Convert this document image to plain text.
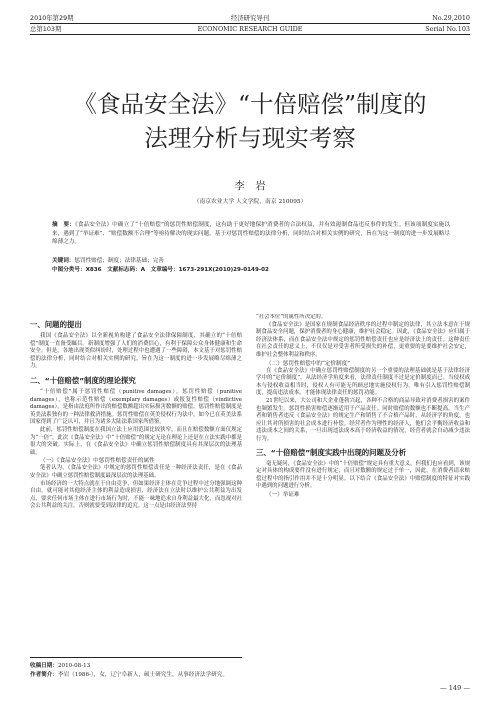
2010年第29期
总第103期
经济研究导刊
ECONOMIC RESEARCH GUIDE
No.29,2010
Serial No.103
《食品安全法》“十倍赔偿”制度的
法理分析与现实考察
李　岩
（南京农业大学 人文学院，南京 210095）
摘　要：《食品安全法》中确立了“十倍赔偿”的惩罚性赔偿制度，这有助于更好地保护消费者的合法权益，并有效遏制食品违反事件的发生。但该项制度实施以来，遇到了“举证难”、“赔偿数额不合理”等亟待解决的现实问题。基于对惩罚性赔偿的法律分析，同时结合对相关实例的研究，旨在为这一制度的进一步发展略尽绵薄之力。
关键词：惩罚性赔偿；制度；法律基础；完善
中图分类号：X836　文献标志码：A　文章编号：1673-291X(2010)29-0149-02
一、问题的提出

我国《食品安全法》以全新视角构建了食品安全法律保障制度，其确立的“十倍赔偿”制度一直备受瞩目。新制度增强了人们的消费信心，有利于保障公众身体健康和生命安全。但是，各地出现类似纠纷时，处理过程中也遭遇了一些障碍，本文基于对惩罚性赔偿的法律分析，同时结合对相关实例的研究，旨在为这一制度的进一步发展略尽绵薄之力。

二、“十倍赔偿”制度的理论探究

“十倍赔偿”属于惩罚性赔偿（punitive damages）。惩罚性赔偿（punitive damages），也称示范性赔偿（exemplary damages）或报复性赔偿（vindictive damages），是指由法庭所作出的赔偿数额超出实际损害数额的赔偿。惩罚性赔偿制度是英美法系独有的一种法律救济措施。惩罚性赔偿在英美侵权行为法中，如今已在英美法系国家得到了广泛认可，并且为诸多大陆法系国家所借鉴。

此前，惩罚性赔偿制度在我国立法上应用范围比较狭窄，而且在赔偿数额方面仅规定为“一倍”。此次《食品安全法》中“十倍赔偿”的规定无论在理论上还是在立法实践中都是很大的突破。实际上，在《食品安全法》中确立惩罚性赔偿制度具有其深层次的法理基础。

（一）《食品安全法》中惩罚性赔偿责任的属性

笔者认为，《食品安全法》中规定的惩罚性赔偿责任是一种经济法责任，是在《食品安全法》中确立惩罚性赔偿制度最深层次的法理基础。

市场经济的一大特点就在于自由竞争，但如果经济主体在竞争过程中过分地强调这种自由，就可能对其他经济主体的利益造成损害，经济法在立法时以维护公共利益为出发点，要求任何市场主体在进行市场行为时，不能一味地追求自身利益最大化，而忽视对社会公共利益的关注，否则就要受到法律的追究。这一点是由经济法坚持

“社会本位”的属性所决定的。

《食品安全法》是国家在规制食品经济秩序的过程中制定的法律，其立法本意在于规制食品安全问题，保护消费者的身心健康，维护社会稳定。因此，《食品安全法》应归属于经济法体系，而在食品安全法中规定的惩罚性赔偿责任也应是经济法上的责任。这种责任在社会责任的意义上，不仅仅是对受害者所受损失的补偿，更重要的是要维护社会安定，维护社会整体利益和秩序。

（二）惩罚性赔偿中的“定价制度”

在《食品安全法》中确立惩罚性赔偿制度的另一个重要的法理基础就是基于法律经济学中的“定价制度”。从法经济学角度来看，法律责任制度不过是定价制度而已。当侵权成本与侵权收益相当时，侵权人有可能无所顾忌地实施侵权行为。唯有引入惩罚性赔偿制度，提高违法成本，才能体现法律责任的惩罚功能。

21世纪以来，大公司和大企业蓬勃兴起，各种不合格的商品导致对消费者损害的案件也频繁发生。惩罚性损害赔偿逐渐适用于产品责任。同时赔偿的数额也不断提高。当生产者和销售者违反《食品安全法》的规定生产和销售了不合格产品时，从经济学的角度，也应让其对所损害的社会成本进行补偿。经营者作为理性的经济人，他们会平衡经济收益和违法成本之间的关系，一旦出现违法成本高于经济收益的情况，经营者就会自动减少违法行为。

三、“十倍赔偿”制度实践中出现的问题及分析

毫无疑问，《食品安全法》中的“十倍赔偿”规定具有重大意义。但我们也应看到，该规定对具体的构成要件没有进行规定，而且对数额的规定过于单一，因此，在消费者请求赔偿过程中的指引作用并不是十分明显。以下结合《食品安全法》中赔偿制度的特征对实践中遇到的问题进行分析。

（一）举证难

收稿日期：2010-08-13
作者简介：李岩（1986-），女，辽宁阜新人，硕士研究生，从事经济法学研究。
— 149 —
